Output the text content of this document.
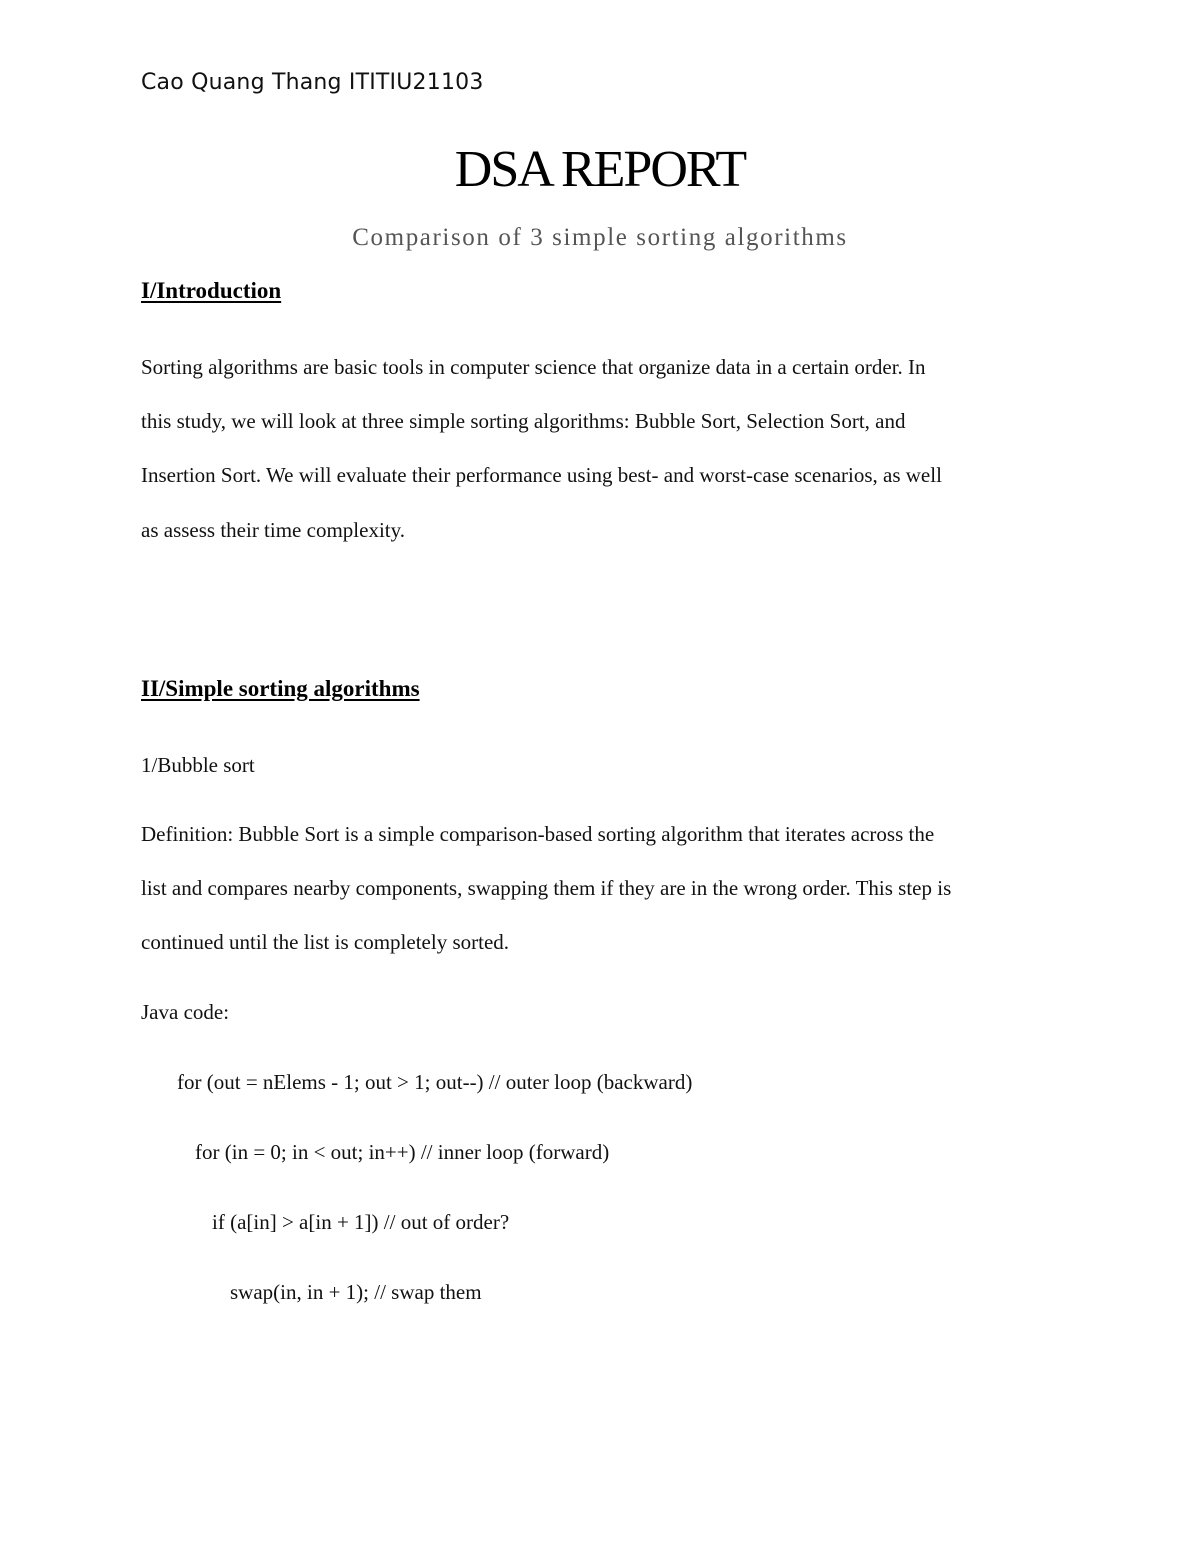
Cao Quang Thang ITITIU21103
DSA REPORT
Comparison of 3 simple sorting algorithms
I/Introduction
Sorting algorithms are basic tools in computer science that organize data in a certain order. In
this study, we will look at three simple sorting algorithms: Bubble Sort, Selection Sort, and
Insertion Sort. We will evaluate their performance using best- and worst-case scenarios, as well
as assess their time complexity.
II/Simple sorting algorithms
1/Bubble sort
Definition: Bubble Sort is a simple comparison-based sorting algorithm that iterates across the
list and compares nearby components, swapping them if they are in the wrong order. This step is
continued until the list is completely sorted.
Java code:
for (out = nElems - 1; out > 1; out--) // outer loop (backward)
for (in = 0; in < out; in++) // inner loop (forward)
if (a[in] > a[in + 1]) // out of order?
swap(in, in + 1); // swap them
